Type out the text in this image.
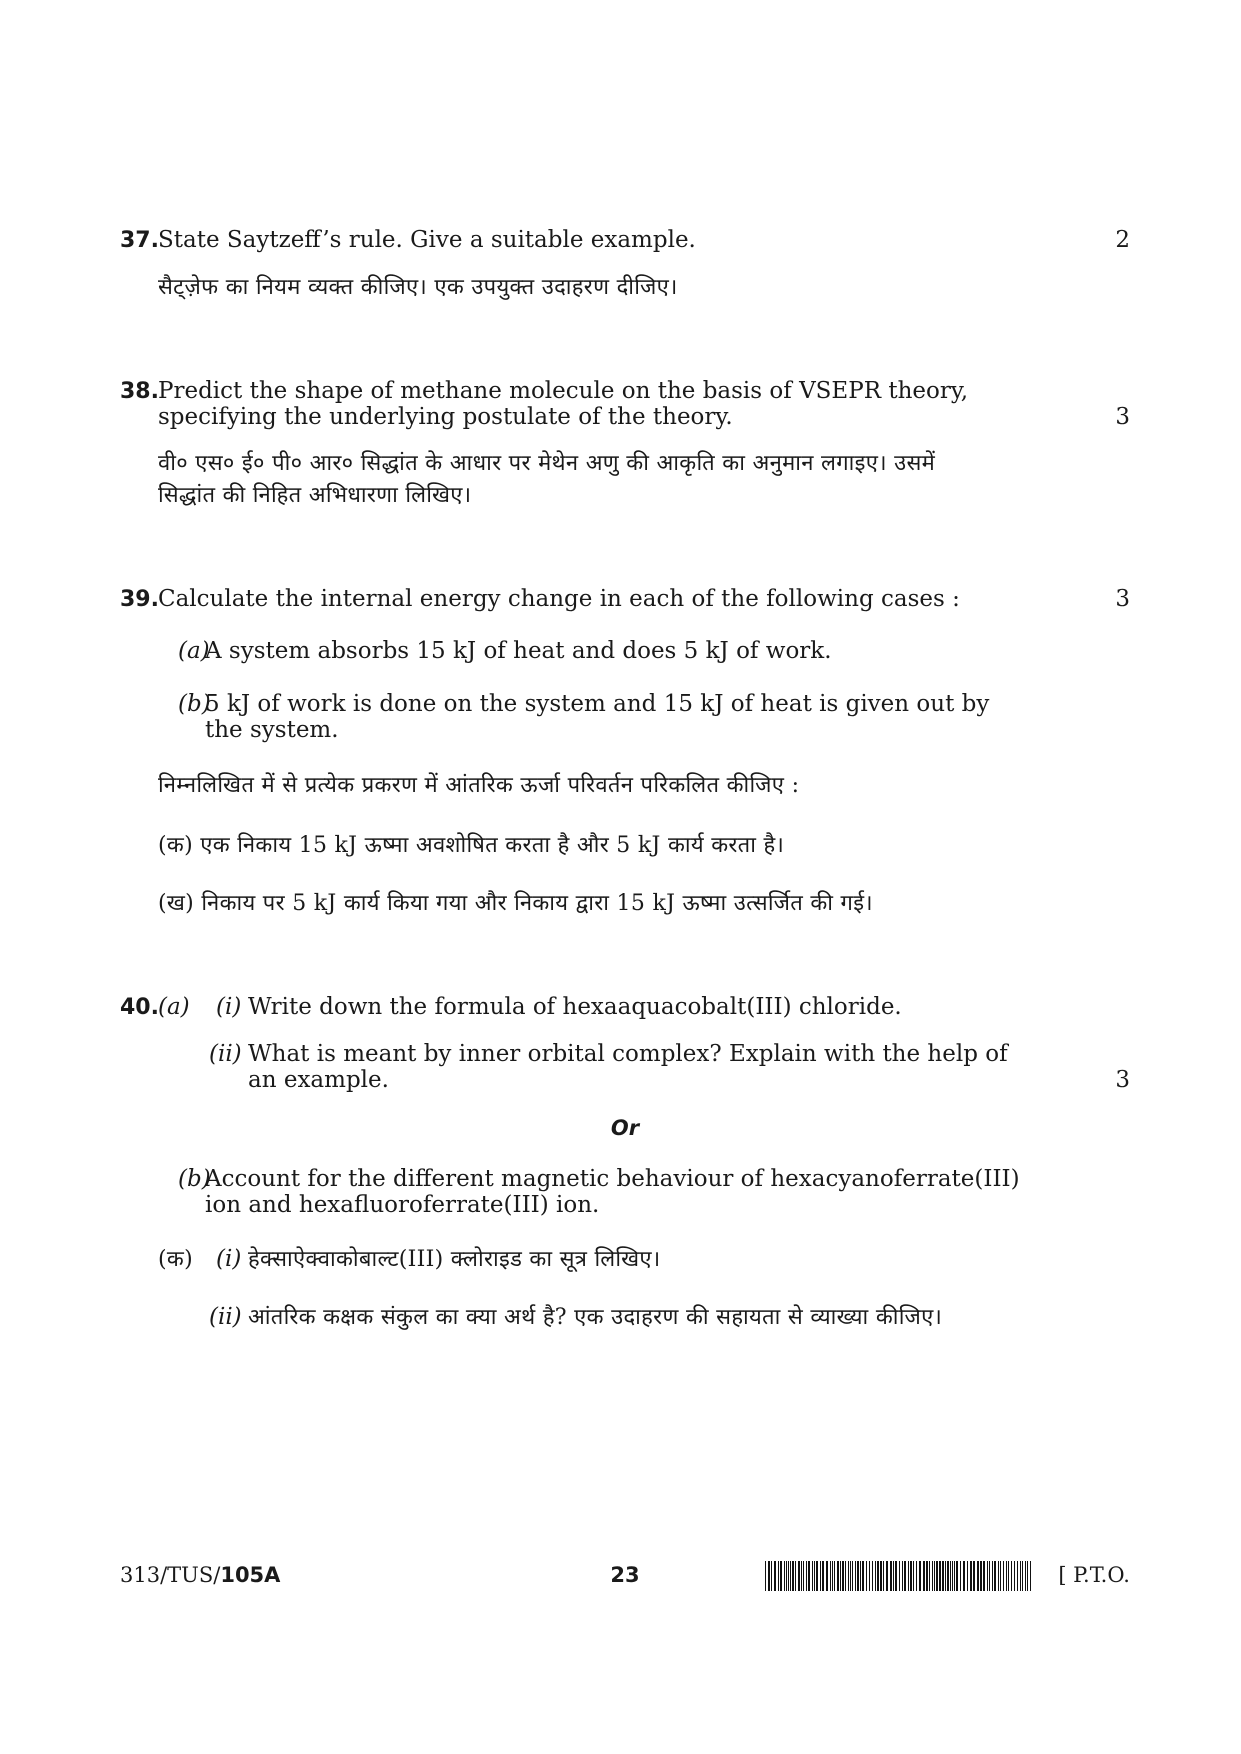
37. State Saytzeff’s rule. Give a suitable example.	2
सैट्ज़ेफ का नियम व्यक्त कीजिए। एक उपयुक्त उदाहरण दीजिए।
38. Predict the shape of methane molecule on the basis of VSEPR theory,
specifying the underlying postulate of the theory.	3
वी० एस० ई० पी० आर० सिद्धांत के आधार पर मेथेन अणु की आकृति का अनुमान लगाइए। उसमें
सिद्धांत की निहित अभिधारणा लिखिए।
39. Calculate the internal energy change in each of the following cases :	3
(a)
A system absorbs 15 kJ of heat and does 5 kJ of work.
(b)
5 kJ of work is done on the system and 15 kJ of heat is given out by
the system.
निम्नलिखित में से प्रत्येक प्रकरण में आंतरिक ऊर्जा परिवर्तन परिकलित कीजिए :
(क) एक निकाय 15 kJ ऊष्मा अवशोषित करता है और 5 kJ कार्य करता है।
(ख) निकाय पर 5 kJ कार्य किया गया और निकाय द्वारा 15 kJ ऊष्मा उत्सर्जित की गई।
40. (a) (i) Write down the formula of hexaaquacobalt(III) chloride.
(ii) What is meant by inner orbital complex? Explain with the help of
an example.	3
Or
(b)
Account for the different magnetic behaviour of hexacyanoferrate(III)
ion and hexafluoroferrate(III) ion.
(क) (i) हेक्साऐक्वाकोबाल्ट(III) क्लोराइड का सूत्र लिखिए।
(ii) आंतरिक कक्षक संकुल का क्या अर्थ है? एक उदाहरण की सहायता से व्याख्या कीजिए।
313/TUS/105A	23	[ P.T.O.
